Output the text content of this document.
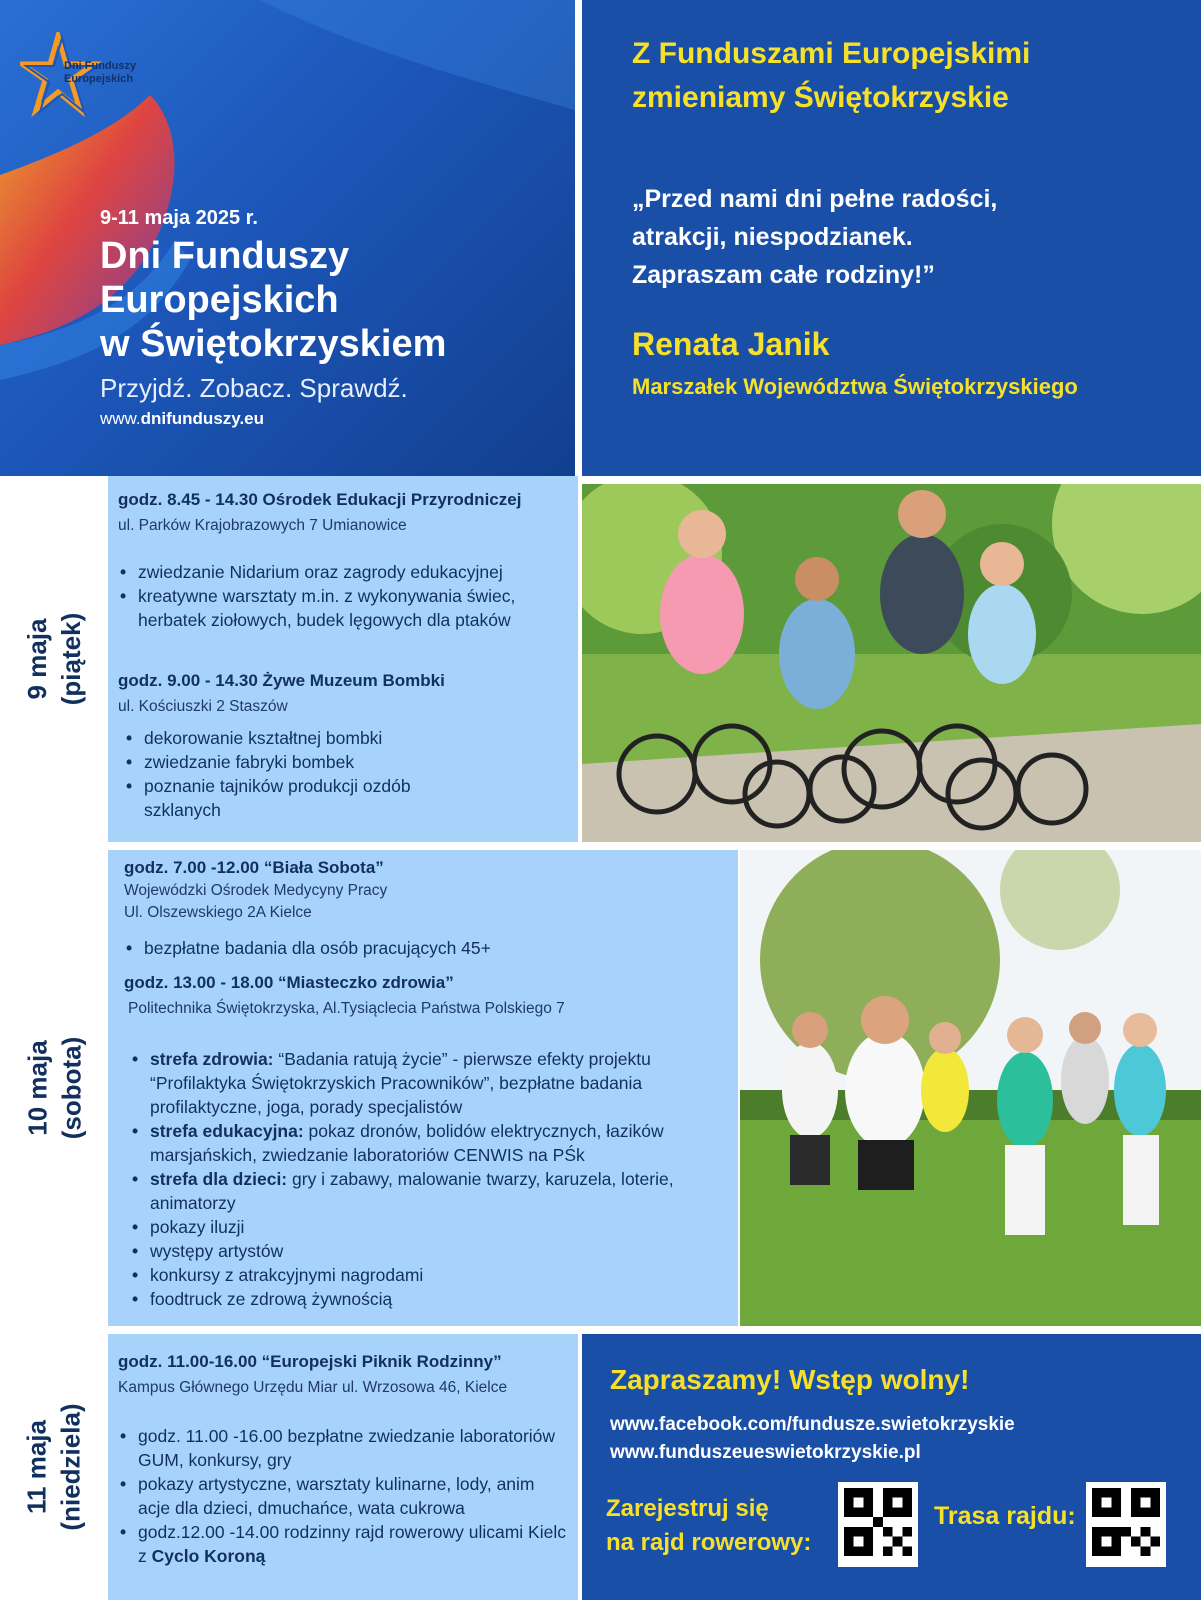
Dni Funduszy
Europejskich
9-11 maja 2025 r.
Dni Funduszy
Europejskich
w Świętokrzyskiem
Przyjdź. Zobacz. Sprawdź.
www.dnifunduszy.eu
Z Funduszami Europejskimi
zmieniamy Świętokrzyskie
„Przed nami dni pełne radości,
atrakcji, niespodzianek.
Zapraszam całe rodziny!”
Renata Janik
Marszałek Województwa Świętokrzyskiego
9 maja (piątek)
godz. 8.45 - 14.30 Ośrodek Edukacji Przyrodniczej
ul. Parków Krajobrazowych 7 Umianowice
• zwiedzanie Nidarium oraz zagrody edukacyjnej
• kreatywne warsztaty m.in. z wykonywania świec, herbatek ziołowych, budek lęgowych dla ptaków
godz. 9.00 - 14.30 Żywe Muzeum Bombki
ul. Kościuszki 2 Staszów
• dekorowanie kształtnej bombki
• zwiedzanie fabryki bombek
• poznanie tajników produkcji ozdób szklanych
10 maja (sobota)
godz. 7.00 -12.00 “Biała Sobota”
Wojewódzki Ośrodek Medycyny Pracy
Ul. Olszewskiego 2A Kielce
• bezpłatne badania dla osób pracujących 45+
godz. 13.00 - 18.00 “Miasteczko zdrowia”
Politechnika Świętokrzyska, Al.Tysiąclecia Państwa Polskiego 7
• strefa zdrowia: “Badania ratują życie” - pierwsze efekty projektu “Profilaktyka Świętokrzyskich Pracowników”, bezpłatne badania profilaktyczne, joga, porady specjalistów
• strefa edukacyjna: pokaz dronów, bolidów elektrycznych, łazików marsjańskich, zwiedzanie laboratoriów CENWIS na PŚk
• strefa dla dzieci: gry i zabawy, malowanie twarzy, karuzela, loterie, animatorzy
• pokazy iluzji
• występy artystów
• konkursy z atrakcyjnymi nagrodami
• foodtruck ze zdrową żywnością
11 maja (niedziela)
godz. 11.00-16.00 “Europejski Piknik Rodzinny”
Kampus Głównego Urzędu Miar ul. Wrzosowa 46, Kielce
• godz. 11.00 -16.00 bezpłatne zwiedzanie laboratoriów GUM, konkursy, gry
• pokazy artystyczne, warsztaty kulinarne, lody, anim acje dla dzieci, dmuchańce, wata cukrowa
• godz.12.00 -14.00 rodzinny rajd rowerowy ulicami Kielc z Cyclo Koroną
Zapraszamy! Wstęp wolny!
www.facebook.com/fundusze.swietokrzyskie
www.funduszeueswietokrzyskie.pl
Zarejestruj się
na rajd rowerowy:
Trasa rajdu:
